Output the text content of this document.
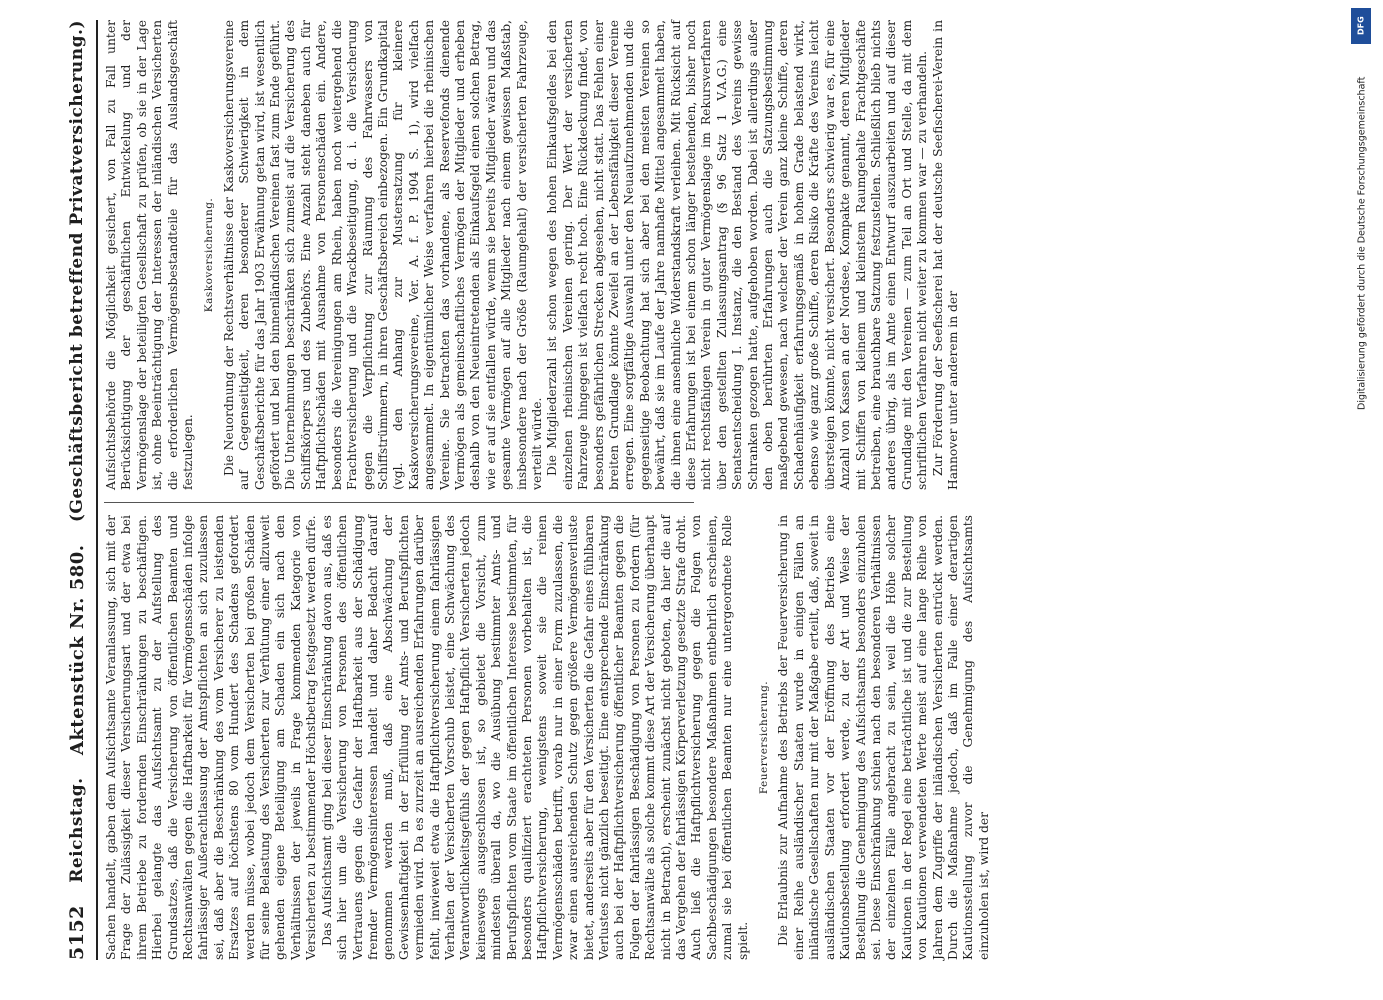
5152
Reichstag.
Aktenstück Nr. 580.
(Geschäftsbericht betreffend Privatversicherung.)

Sachen handelt, gaben dem Aufsichtsamte Veranlassung, sich mit der Frage der Zulässigkeit dieser Versicherungsart und der etwa bei ihrem Betriebe zu fordernden Einschränkungen zu beschäftigen. Hierbei gelangte das Aufsichtsamt zu der Aufstellung des Grundsatzes, daß die Versicherung von öffentlichen Beamten und Rechtsanwälten gegen die Haftbarkeit für Vermögensschäden infolge fahrlässiger Außerachtlassung der Amtspflichten an sich zuzulassen sei, daß aber die Beschränkung des vom Versicherer zu leistenden Ersatzes auf höchstens 80 vom Hundert des Schadens gefordert werden müsse, wobei jedoch dem Versicherten bei großen Schäden für seine Belastung des Versicherten zur Verhütung einer allzuweit gehenden eigene Beteiligung am Schaden ein sich nach den Verhältnissen der jeweils in Frage kommenden Kategorie von Versicherten zu bestimmender Höchstbetrag festgesetzt werden dürfe. Das Aufsichtsamt ging bei dieser Einschränkung davon aus, daß es sich hier um die Versicherung von Personen des öffentlichen Vertrauens gegen die Gefahr der Haftbarkeit aus der Schädigung fremder Vermögensinteressen handelt und daher Bedacht darauf genommen werden muß, daß eine Abschwächung der Gewissenhaftigkeit in der Erfüllung der Amts- und Berufspflichten vermieden wird. Da es zurzeit an ausreichenden Erfahrungen darüber fehlt, inwieweit etwa die Haftpflichtversicherung einem fahrlässigen Verhalten der Versicherten Vorschub leistet, eine Schwächung des Verantwortlichkeitsgefühls der gegen Haftpflicht Versicherten jedoch keineswegs ausgeschlossen ist, so gebietet die Vorsicht, zum mindesten überall da, wo die Ausübung bestimmter Amts- und Berufspflichten vom Staate im öffentlichen Interesse bestimmten, für besonders qualifiziert erachteten Personen vorbehalten ist, die Haftpflichtversicherung, wenigstens soweit sie die reinen Vermögensschäden betrifft, vorab nur in einer Form zuzulassen, die zwar einen ausreichenden Schutz gegen größere Vermögensverluste bietet, anderseits aber für den Versicherten die Gefahr eines fühlbaren Verlustes nicht gänzlich beseitigt. Eine entsprechende Einschränkung auch bei der Haftpflichtversicherung öffentlicher Beamten gegen die Folgen der fahrlässigen Beschädigung von Personen zu fordern (für Rechtsanwälte als solche kommt diese Art der Versicherung überhaupt nicht in Betracht), erscheint zunächst nicht geboten, da hier die auf das Vergehen der fahrlässigen Körperverletzung gesetzte Strafe droht. Auch ließ die Haftpflichtversicherung gegen die Folgen von Sachbeschädigungen besondere Maßnahmen entbehrlich erscheinen, zumal sie bei öffentlichen Beamten nur eine untergeordnete Rolle spielt.

Feuerversicherung. Die Erlaubnis zur Aufnahme des Betriebs der Feuerversicherung in einer Reihe ausländischer Staaten wurde in einigen Fällen an inländische Gesellschaften nur mit der Maßgabe erteilt, daß, soweit in ausländischen Staaten vor der Eröffnung des Betriebs eine Kautionsbestellung erfordert werde, zu der Art und Weise der Bestellung die Genehmigung des Aufsichtsamts besonders einzuholen sei. Diese Einschränkung schien nach den besonderen Verhältnissen der einzelnen Fälle angebracht zu sein, weil die Höhe solcher Kautionen in der Regel eine beträchtliche ist und die zur Bestellung von Kautionen verwendeten Werte meist auf eine lange Reihe von Jahren dem Zugriffe der inländischen Versicherten entrückt werden. Durch die Maßnahme jedoch, daß im Falle einer derartigen Kautionsstellung zuvor die Genehmigung des Aufsichtsamts einzuholen ist, wird der

Aufsichtsbehörde die Möglichkeit gesichert, von Fall zu Fall unter Berücksichtigung der geschäftlichen Entwickelung und der Vermögenslage der beteiligten Gesellschaft zu prüfen, ob sie in der Lage ist, ohne Beeinträchtigung der Interessen der inländischen Versicherten die erforderlichen Vermögensbestandteile für das Auslandsgeschäft festzulegen.

Kaskoversicherung. Die Neuordnung der Rechtsverhältnisse der Kaskoversicherungsvereine auf Gegenseitigkeit, deren besonderer Schwierigkeit in dem Geschäftsberichte für das Jahr 1903 Erwähnung getan wird, ist wesentlich gefördert und bei den binnenländischen Vereinen fast zum Ende geführt. Die Unternehmungen beschränken sich zumeist auf die Versicherung des Schiffskörpers und des Zubehörs. Eine Anzahl steht daneben auch für Haftpflichtschäden mit Ausnahme von Personenschäden ein. Andere, besonders die Vereinigungen am Rhein, haben noch weitergehend die Frachtversicherung und die Wrackbeseitigung, d. i. die Versicherung gegen die Verpflichtung zur Räumung des Fahrwassers von Schiffstrümmern, in ihren Geschäftsbereich einbezogen. Ein Grundkapital (vgl. den Anhang zur Mustersatzung für kleinere Kaskoversicherungsvereine, Ver. A. f. P. 1904 S. 1), wird vielfach angesammelt. In eigentümlicher Weise verfahren hierbei die rheinischen Vereine. Sie betrachten das vorhandene, als Reservefonds dienende Vermögen als gemeinschaftliches Vermögen der Mitglieder und erheben deshalb von den Neueintretenden als Einkaufsgeld einen solchen Betrag, wie er auf sie entfallen würde, wenn sie bereits Mitglieder wären und das gesamte Vermögen auf alle Mitglieder nach einem gewissen Maßstab, insbesondere nach der Größe (Raumgehalt) der versicherten Fahrzeuge, verteilt würde. Die Mitgliederzahl ist schon wegen des hohen Einkaufsgeldes bei den einzelnen rheinischen Vereinen gering. Der Wert der versicherten Fahrzeuge hingegen ist vielfach recht hoch. Eine Rückdeckung findet, von besonders gefährlichen Strecken abgesehen, nicht statt. Das Fehlen einer breiten Grundlage könnte Zweifel an der Lebensfähigkeit dieser Vereine erregen. Eine sorgfältige Auswahl unter den Neuaufzunehmenden und die gegenseitige Beobachtung hat sich aber bei den meisten Vereinen so bewährt, daß sie im Laufe der Jahre namhafte Mittel angesammelt haben, die ihnen eine ansehnliche Widerstandskraft verleihen. Mit Rücksicht auf diese Erfahrungen ist bei einem schon länger bestehenden, bisher noch nicht rechtsfähigen Verein in guter Vermögenslage im Rekursverfahren über den gestellten Zulassungsantrag (§ 96 Satz 1 V.A.G.) eine Senatsentscheidung I. Instanz, die den Bestand des Vereins gewisse Schranken gezogen hatte, aufgehoben worden. Dabei ist allerdings außer den oben berührten Erfahrungen auch die Satzungsbestimmung maßgebend gewesen, nach welcher der Verein ganz kleine Schiffe, deren Schadenhäufigkeit erfahrungsgemäß in hohem Grade belastend wirkt, ebenso wie ganz große Schiffe, deren Risiko die Kräfte des Vereins leicht übersteigen könnte, nicht versichert. Besonders schwierig war es, für eine Anzahl von Kassen an der Nordsee, Kompakte genannt, deren Mitglieder mit Schiffen von kleinem und kleinstem Raumgehalte Frachtgeschäfte betreiben, eine brauchbare Satzung festzustellen. Schließlich blieb nichts anderes übrig, als im Amte einen Entwurf auszuarbeiten und auf dieser Grundlage mit den Vereinen — zum Teil an Ort und Stelle, da mit dem schriftlichen Verfahren nicht weiter zu kommen war — zu verhandeln. Zur Förderung der Seefischerei hat der deutsche Seefischerei-Verein in Hannover unter anderem in der

DFG
Digitalisierung gefördert durch die Deutsche Forschungsgemeinschaft
